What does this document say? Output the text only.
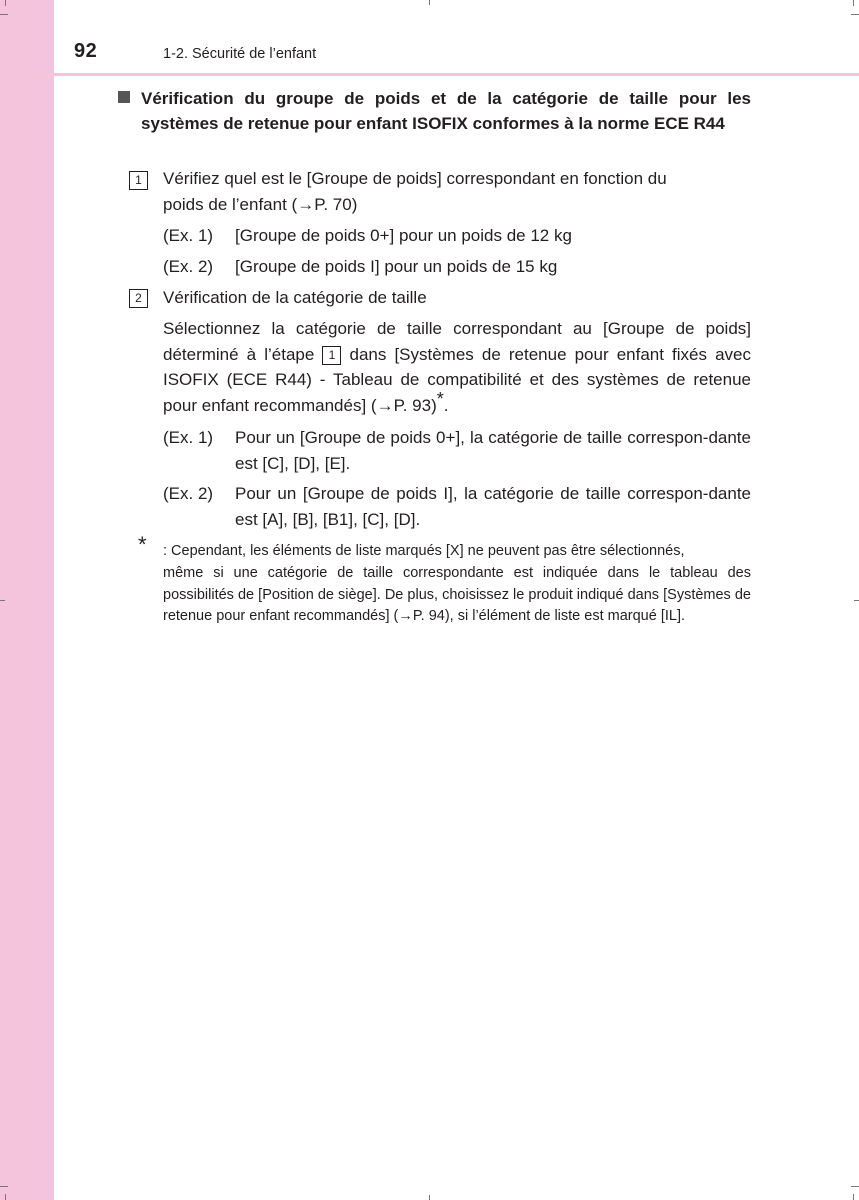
92	1-2. Sécurité de l’enfant
Vérification du groupe de poids et de la catégorie de taille pour les systèmes de retenue pour enfant ISOFIX conformes à la norme ECE R44
1	Vérifiez quel est le [Groupe de poids] correspondant en fonction du
poids de l’enfant (→P. 70)
(Ex. 1) [Groupe de poids 0+] pour un poids de 12 kg
(Ex. 2) [Groupe de poids I] pour un poids de 15 kg
2	Vérification de la catégorie de taille
Sélectionnez la catégorie de taille correspondant au [Groupe de poids] déterminé à l’étape 1 dans [Systèmes de retenue pour enfant fixés avec ISOFIX (ECE R44) - Tableau de compatibilité et des systèmes de retenue pour enfant recommandés] (→P. 93)*.
(Ex. 1) Pour un [Groupe de poids 0+], la catégorie de taille correspon-dante est [C], [D], [E].
(Ex. 2) Pour un [Groupe de poids I], la catégorie de taille correspon-dante est [A], [B], [B1], [C], [D].
*	: Cependant, les éléments de liste marqués [X] ne peuvent pas être sélectionnés,
même si une catégorie de taille correspondante est indiquée dans le tableau des possibilités de [Position de siège]. De plus, choisissez le produit indiqué dans [Systèmes de retenue pour enfant recommandés] (→P. 94), si l’élément de liste est marqué [IL].
